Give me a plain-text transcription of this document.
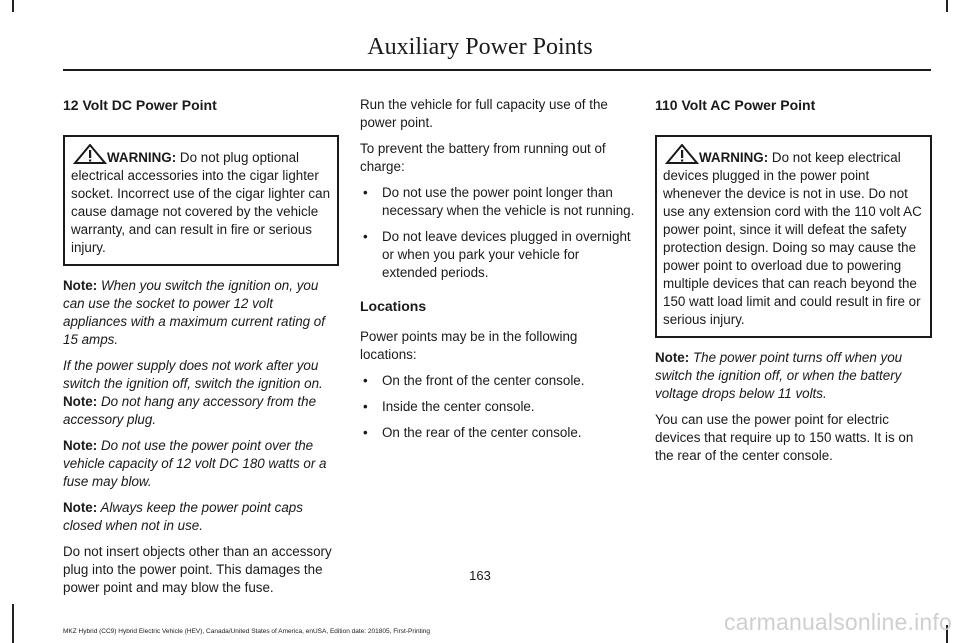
Auxiliary Power Points
12 Volt DC Power Point
WARNING: Do not plug optional electrical accessories into the cigar lighter socket. Incorrect use of the cigar lighter can cause damage not covered by the vehicle warranty, and can result in fire or serious injury.

Note: When you switch the ignition on, you can use the socket to power 12 volt appliances with a maximum current rating of 15 amps.

If the power supply does not work after you switch the ignition off, switch the ignition on. Note: Do not hang any accessory from the accessory plug.

Note: Do not use the power point over the vehicle capacity of 12 volt DC 180 watts or a fuse may blow.

Note: Always keep the power point caps closed when not in use.

Do not insert objects other than an accessory plug into the power point. This damages the power point and may blow the fuse.

Run the vehicle for full capacity use of the power point.

To prevent the battery from running out of charge:

• Do not use the power point longer than necessary when the vehicle is not running.
• Do not leave devices plugged in overnight or when you park your vehicle for extended periods.
Locations

Power points may be in the following locations:

• On the front of the center console.
• Inside the center console.
• On the rear of the center console.
110 Volt AC Power Point
WARNING: Do not keep electrical devices plugged in the power point whenever the device is not in use. Do not use any extension cord with the 110 volt AC power point, since it will defeat the safety protection design. Doing so may cause the power point to overload due to powering multiple devices that can reach beyond the 150 watt load limit and could result in fire or serious injury.

Note: The power point turns off when you switch the ignition off, or when the battery voltage drops below 11 volts.

You can use the power point for electric devices that require up to 150 watts. It is on the rear of the center console.

163
MKZ Hybrid (CC9) Hybrid Electric Vehicle (HEV), Canada/United States of America, enUSA, Edition date: 201805, First-Printing	carmanualsonline.info
